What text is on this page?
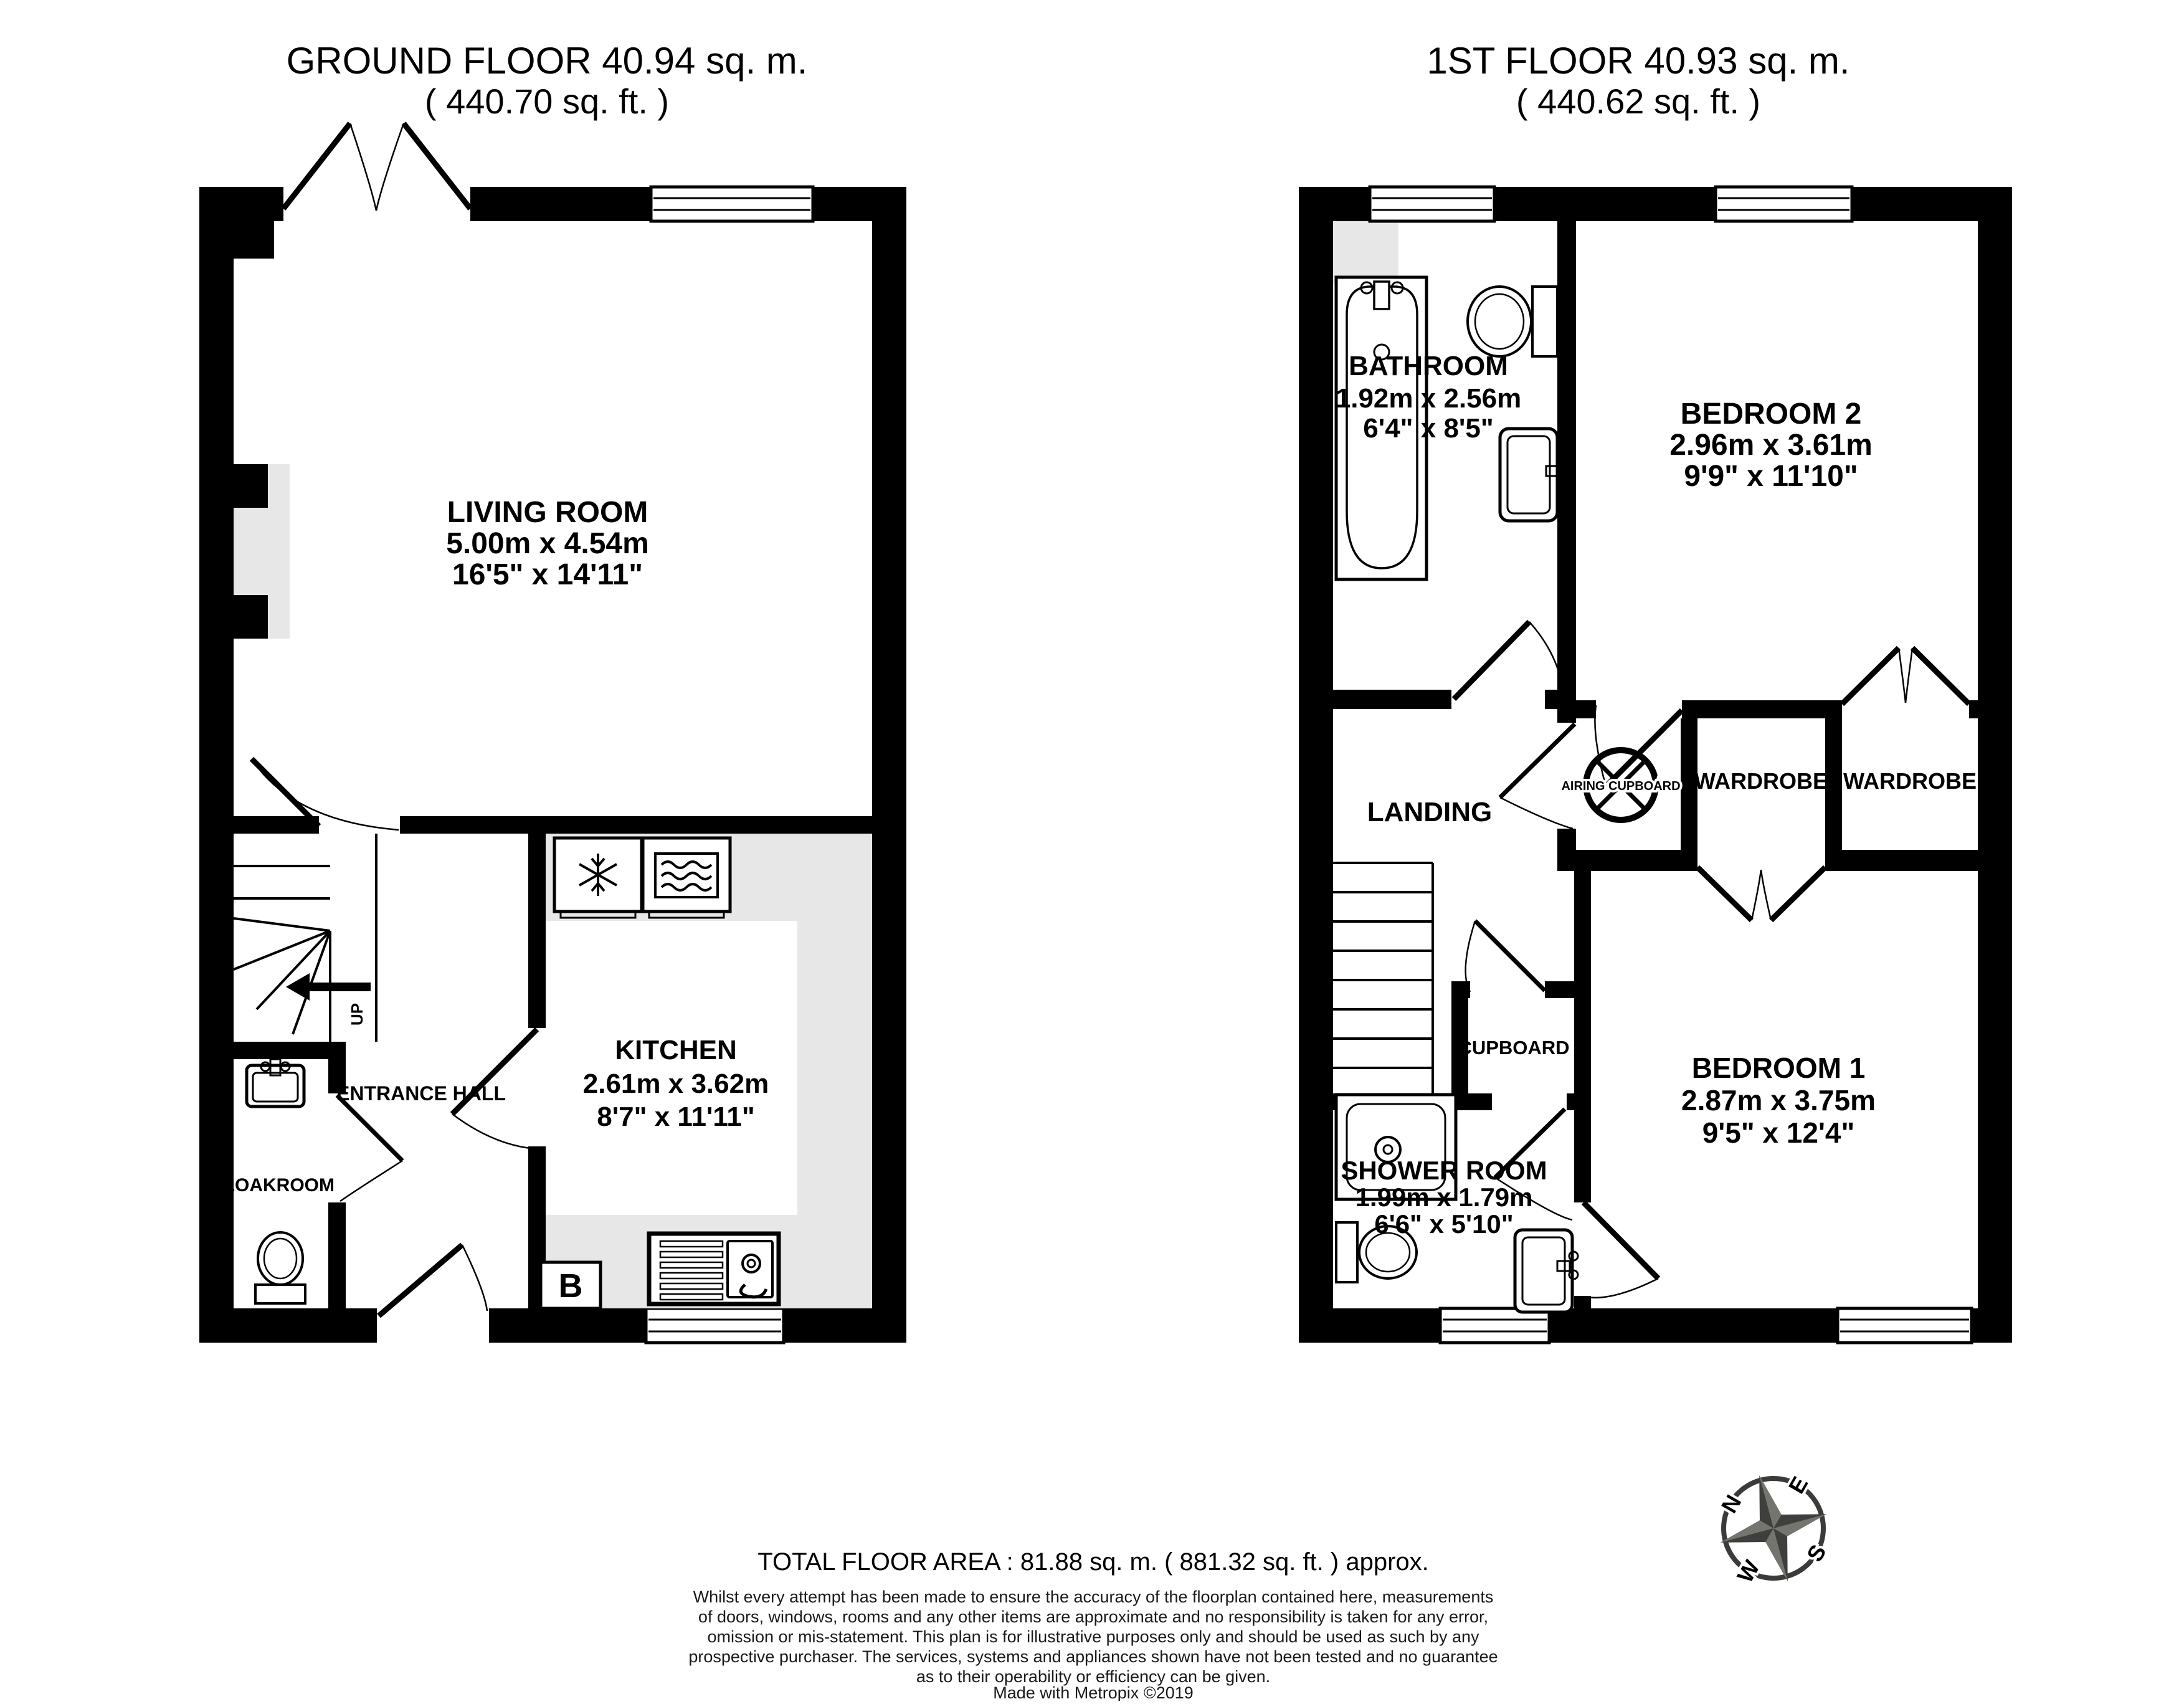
GROUND FLOOR 40.94 sq. m.
( 440.70 sq. ft. )
UP
B
LIVING ROOM
5.00m x 4.54m
16'5" x 14'11"
KITCHEN
2.61m x 3.62m
8'7" x 11'11"
ENTRANCE HALL
CLOAKROOM
1ST FLOOR 40.93 sq. m.
( 440.62 sq. ft. )
BATHROOM
1.92m x 2.56m
6'4" x 8'5"	BEDROOM 2
2.96m x 3.61m
9'9" x 11'10"
LANDING
AIRING CUPBOARD WARDROBE WARDROBE
CUPBOARD
BEDROOM 1
2.87m x 3.75m
9'5" x 12'4"
SHOWER ROOM
1.99m x 1.79m
6'6" x 5'10"
N
E
S
W
TOTAL FLOOR AREA : 81.88 sq. m. ( 881.32 sq. ft. ) approx.
Whilst every attempt has been made to ensure the accuracy of the floorplan contained here, measurements
of doors, windows, rooms and any other items are approximate and no responsibility is taken for any error,
omission or mis-statement. This plan is for illustrative purposes only and should be used as such by any
prospective purchaser. The services, systems and appliances shown have not been tested and no guarantee
as to their operability or efficiency can be given.
Made with Metropix ©2019
